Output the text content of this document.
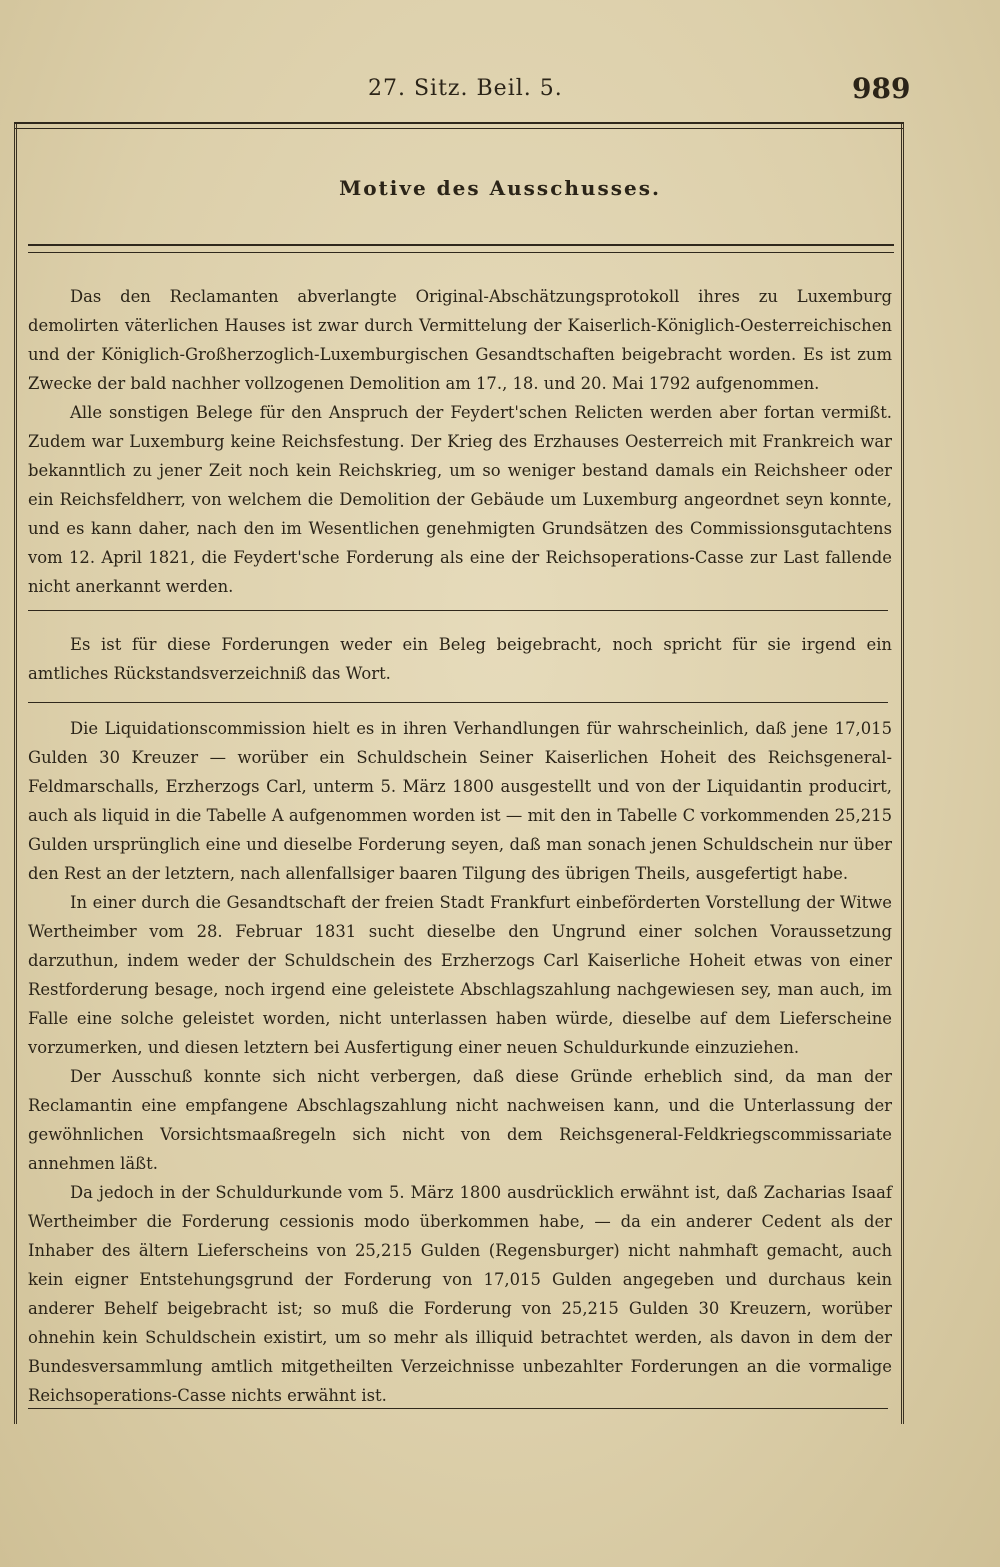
27. Sitz. Beil. 5.	989
Motive des Ausschusses.

Das den Reclamanten abverlangte Original-Abschätzungsprotokoll ihres zu Luxemburg demolirten väterlichen Hauses ist zwar durch Vermittelung der Kaiserlich-Königlich-Oesterreichischen und der Königlich-Großherzoglich-Luxemburgischen Gesandtschaften beigebracht worden. Es ist zum Zwecke der bald nachher vollzogenen Demolition am 17., 18. und 20. Mai 1792 aufgenommen.

Alle sonstigen Belege für den Anspruch der Feydert'schen Relicten werden aber fortan vermißt. Zudem war Luxemburg keine Reichsfestung. Der Krieg des Erzhauses Oesterreich mit Frankreich war bekanntlich zu jener Zeit noch kein Reichskrieg, um so weniger bestand damals ein Reichsheer oder ein Reichsfeldherr, von welchem die Demolition der Gebäude um Luxemburg angeordnet seyn konnte, und es kann daher, nach den im Wesentlichen genehmigten Grundsätzen des Commissionsgutachtens vom 12. April 1821, die Feydert'sche Forderung als eine der Reichsoperations-Casse zur Last fallende nicht anerkannt werden.

Es ist für diese Forderungen weder ein Beleg beigebracht, noch spricht für sie irgend ein amtliches Rückstandsverzeichniß das Wort.

Die Liquidationscommission hielt es in ihren Verhandlungen für wahrscheinlich, daß jene 17,015 Gulden 30 Kreuzer — worüber ein Schuldschein Seiner Kaiserlichen Hoheit des Reichsgeneral-Feldmarschalls, Erzherzogs Carl, unterm 5. März 1800 ausgestellt und von der Liquidantin producirt, auch als liquid in die Tabelle A aufgenommen worden ist — mit den in Tabelle C vorkommenden 25,215 Gulden ursprünglich eine und dieselbe Forderung seyen, daß man sonach jenen Schuldschein nur über den Rest an der letztern, nach allenfallsiger baaren Tilgung des übrigen Theils, ausgefertigt habe.

In einer durch die Gesandtschaft der freien Stadt Frankfurt einbeförderten Vorstellung der Witwe Wertheimber vom 28. Februar 1831 sucht dieselbe den Ungrund einer solchen Voraussetzung darzuthun, indem weder der Schuldschein des Erzherzogs Carl Kaiserliche Hoheit etwas von einer Restforderung besage, noch irgend eine geleistete Abschlagszahlung nachgewiesen sey, man auch, im Falle eine solche geleistet worden, nicht unterlassen haben würde, dieselbe auf dem Lieferscheine vorzumerken, und diesen letztern bei Ausfertigung einer neuen Schuldurkunde einzuziehen.

Der Ausschuß konnte sich nicht verbergen, daß diese Gründe erheblich sind, da man der Reclamantin eine empfangene Abschlagszahlung nicht nachweisen kann, und die Unterlassung der gewöhnlichen Vorsichtsmaaßregeln sich nicht von dem Reichsgeneral-Feldkriegscommissariate annehmen läßt.

Da jedoch in der Schuldurkunde vom 5. März 1800 ausdrücklich erwähnt ist, daß Zacharias Isaaf Wertheimber die Forderung cessionis modo überkommen habe, — da ein anderer Cedent als der Inhaber des ältern Lieferscheins von 25,215 Gulden (Regensburger) nicht nahmhaft gemacht, auch kein eigner Entstehungsgrund der Forderung von 17,015 Gulden angegeben und durchaus kein anderer Behelf beigebracht ist; so muß die Forderung von 25,215 Gulden 30 Kreuzern, worüber ohnehin kein Schuldschein existirt, um so mehr als illiquid betrachtet werden, als davon in dem der Bundesversammlung amtlich mitgetheilten Verzeichnisse unbezahlter Forderungen an die vormalige Reichsoperations-Casse nichts erwähnt ist.
